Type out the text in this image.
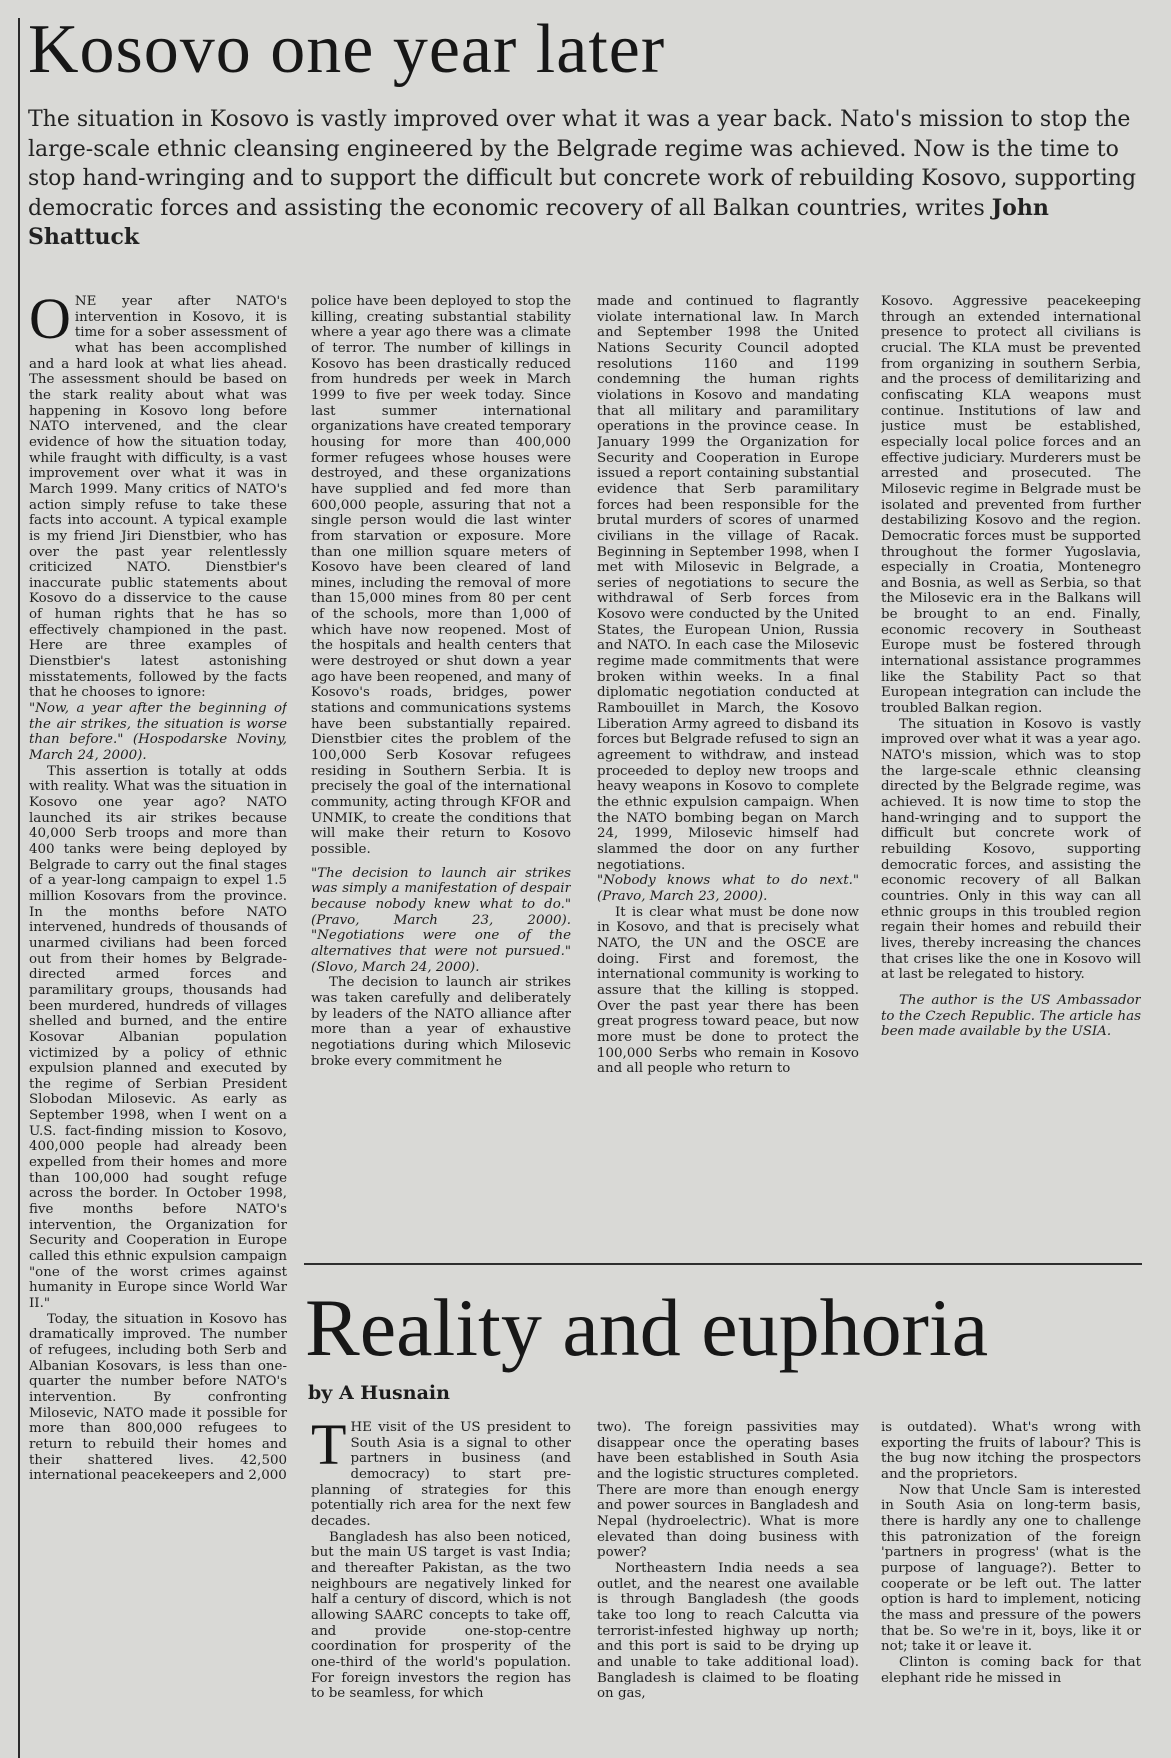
Kosovo one year later
The situation in Kosovo is vastly improved over what it was a year back. Nato's mission to stop the large-scale ethnic cleansing engineered by the Belgrade regime was achieved. Now is the time to stop hand-wringing and to support the difficult but concrete work of rebuilding Kosovo, supporting democratic forces and assisting the economic recovery of all Balkan countries, writes John Shattuck

ONE year after NATO's intervention in Kosovo, it is time for a sober assessment of what has been accomplished and a hard look at what lies ahead. The assessment should be based on the stark reality about what was happening in Kosovo long before NATO intervened, and the clear evidence of how the situation today, while fraught with difficulty, is a vast improvement over what it was in March 1999. Many critics of NATO's action simply refuse to take these facts into account. A typical example is my friend Jiri Dienstbier, who has over the past year relentlessly criticized NATO. Dienstbier's inaccurate public statements about Kosovo do a disservice to the cause of human rights that he has so effectively championed in the past. Here are three examples of Dienstbier's latest astonishing misstatements, followed by the facts that he chooses to ignore:

"Now, a year after the beginning of the air strikes, the situation is worse than before." (Hospodarske Noviny, March 24, 2000).

This assertion is totally at odds with reality. What was the situation in Kosovo one year ago? NATO launched its air strikes because 40,000 Serb troops and more than 400 tanks were being deployed by Belgrade to carry out the final stages of a year-long campaign to expel 1.5 million Kosovars from the province. In the months before NATO intervened, hundreds of thousands of unarmed civilians had been forced out from their homes by Belgrade-directed armed forces and paramilitary groups, thousands had been murdered, hundreds of villages shelled and burned, and the entire Kosovar Albanian population victimized by a policy of ethnic expulsion planned and executed by the regime of Serbian President Slobodan Milosevic. As early as September 1998, when I went on a U.S. fact-finding mission to Kosovo, 400,000 people had already been expelled from their homes and more than 100,000 had sought refuge across the border. In October 1998, five months before NATO's intervention, the Organization for Security and Cooperation in Europe called this ethnic expulsion campaign "one of the worst crimes against humanity in Europe since World War II."

Today, the situation in Kosovo has dramatically improved. The number of refugees, including both Serb and Albanian Kosovars, is less than one-quarter the number before NATO's intervention. By confronting Milosevic, NATO made it possible for more than 800,000 refugees to return to rebuild their homes and their shattered lives. 42,500 international peacekeepers and 2,000

police have been deployed to stop the killing, creating substantial stability where a year ago there was a climate of terror. The number of killings in Kosovo has been drastically reduced from hundreds per week in March 1999 to five per week today. Since last summer international organizations have created temporary housing for more than 400,000 former refugees whose houses were destroyed, and these organizations have supplied and fed more than 600,000 people, assuring that not a single person would die last winter from starvation or exposure. More than one million square meters of Kosovo have been cleared of land mines, including the removal of more than 15,000 mines from 80 per cent of the schools, more than 1,000 of which have now reopened. Most of the hospitals and health centers that were destroyed or shut down a year ago have been reopened, and many of Kosovo's roads, bridges, power stations and communications systems have been substantially repaired. Dienstbier cites the problem of the 100,000 Serb Kosovar refugees residing in Southern Serbia. It is precisely the goal of the international community, acting through KFOR and UNMIK, to create the conditions that will make their return to Kosovo possible.

"The decision to launch air strikes was simply a manifestation of despair because nobody knew what to do." (Pravo, March 23, 2000). "Negotiations were one of the alternatives that were not pursued." (Slovo, March 24, 2000).

The decision to launch air strikes was taken carefully and deliberately by leaders of the NATO alliance after more than a year of exhaustive negotiations during which Milosevic broke every commitment he

made and continued to flagrantly violate international law. In March and September 1998 the United Nations Security Council adopted resolutions 1160 and 1199 condemning the human rights violations in Kosovo and mandating that all military and paramilitary operations in the province cease. In January 1999 the Organization for Security and Cooperation in Europe issued a report containing substantial evidence that Serb paramilitary forces had been responsible for the brutal murders of scores of unarmed civilians in the village of Racak. Beginning in September 1998, when I met with Milosevic in Belgrade, a series of negotiations to secure the withdrawal of Serb forces from Kosovo were conducted by the United States, the European Union, Russia and NATO. In each case the Milosevic regime made commitments that were broken within weeks. In a final diplomatic negotiation conducted at Rambouillet in March, the Kosovo Liberation Army agreed to disband its forces but Belgrade refused to sign an agreement to withdraw, and instead proceeded to deploy new troops and heavy weapons in Kosovo to complete the ethnic expulsion campaign. When the NATO bombing began on March 24, 1999, Milosevic himself had slammed the door on any further negotiations.

"Nobody knows what to do next." (Pravo, March 23, 2000).

It is clear what must be done now in Kosovo, and that is precisely what NATO, the UN and the OSCE are doing. First and foremost, the international community is working to assure that the killing is stopped. Over the past year there has been great progress toward peace, but now more must be done to protect the 100,000 Serbs who remain in Kosovo and all people who return to

Kosovo. Aggressive peacekeeping through an extended international presence to protect all civilians is crucial. The KLA must be prevented from organizing in southern Serbia, and the process of demilitarizing and confiscating KLA weapons must continue. Institutions of law and justice must be established, especially local police forces and an effective judiciary. Murderers must be arrested and prosecuted. The Milosevic regime in Belgrade must be isolated and prevented from further destabilizing Kosovo and the region. Democratic forces must be supported throughout the former Yugoslavia, especially in Croatia, Montenegro and Bosnia, as well as Serbia, so that the Milosevic era in the Balkans will be brought to an end. Finally, economic recovery in Southeast Europe must be fostered through international assistance programmes like the Stability Pact so that European integration can include the troubled Balkan region.

The situation in Kosovo is vastly improved over what it was a year ago. NATO's mission, which was to stop the large-scale ethnic cleansing directed by the Belgrade regime, was achieved. It is now time to stop the hand-wringing and to support the difficult but concrete work of rebuilding Kosovo, supporting democratic forces, and assisting the economic recovery of all Balkan countries. Only in this way can all ethnic groups in this troubled region regain their homes and rebuild their lives, thereby increasing the chances that crises like the one in Kosovo will at last be relegated to history.

The author is the US Ambassador to the Czech Republic. The article has been made available by the USIA.

Reality and euphoria
by A Husnain

THE visit of the US president to South Asia is a signal to other partners in business (and democracy) to start pre-planning of strategies for this potentially rich area for the next few decades.

Bangladesh has also been noticed, but the main US target is vast India; and thereafter Pakistan, as the two neighbours are negatively linked for half a century of discord, which is not allowing SAARC concepts to take off, and provide one-stop-centre coordination for prosperity of the one-third of the world's population. For foreign investors the region has to be seamless, for which

two). The foreign passivities may disappear once the operating bases have been established in South Asia and the logistic structures completed. There are more than enough energy and power sources in Bangladesh and Nepal (hydroelectric). What is more elevated than doing business with power?

Northeastern India needs a sea outlet, and the nearest one available is through Bangladesh (the goods take too long to reach Calcutta via terrorist-infested highway up north; and this port is said to be drying up and unable to take additional load). Bangladesh is claimed to be floating on gas,

is outdated). What's wrong with exporting the fruits of labour? This is the bug now itching the prospectors and the proprietors.

Now that Uncle Sam is interested in South Asia on long-term basis, there is hardly any one to challenge this patronization of the foreign 'partners in progress' (what is the purpose of language?). Better to cooperate or be left out. The latter option is hard to implement, noticing the mass and pressure of the powers that be. So we're in it, boys, like it or not; take it or leave it.

Clinton is coming back for that elephant ride he missed in
